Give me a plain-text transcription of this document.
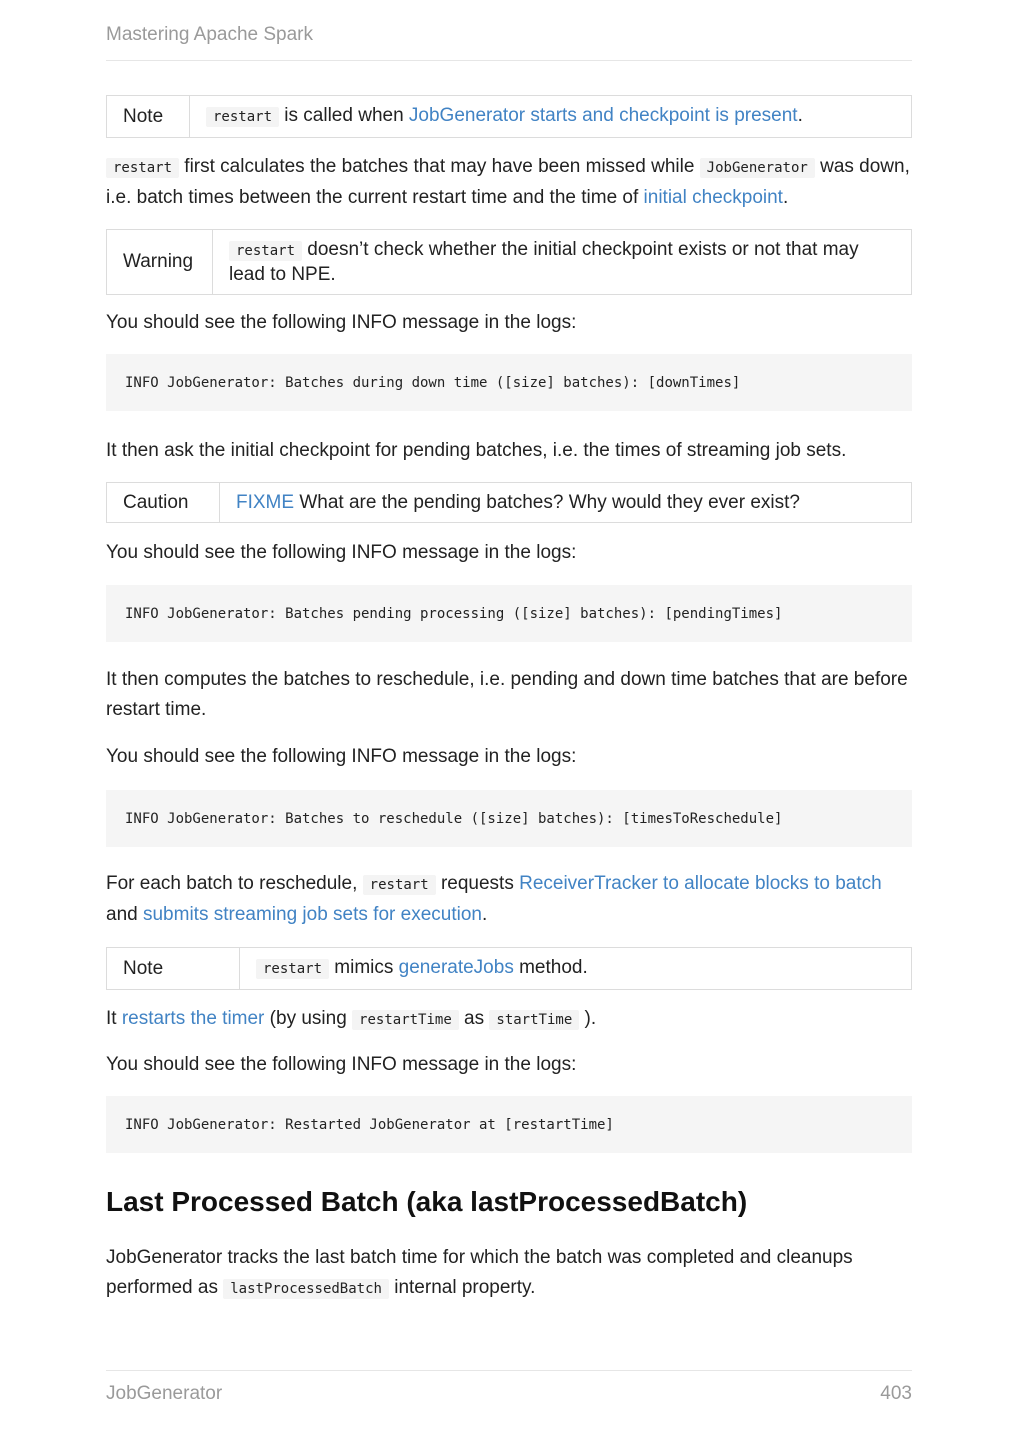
Mastering Apache Spark
Note	restart is called when JobGenerator starts and checkpoint is present.

restart first calculates the batches that may have been missed while JobGenerator was down, i.e. batch times between the current restart time and the time of initial checkpoint.

Warning	restart doesn’t check whether the initial checkpoint exists or not that may lead to NPE.

You should see the following INFO message in the logs:

INFO JobGenerator: Batches during down time ([size] batches): [downTimes]

It then ask the initial checkpoint for pending batches, i.e. the times of streaming job sets.

Caution	FIXME What are the pending batches? Why would they ever exist?

You should see the following INFO message in the logs:

INFO JobGenerator: Batches pending processing ([size] batches): [pendingTimes]

It then computes the batches to reschedule, i.e. pending and down time batches that are before restart time.

You should see the following INFO message in the logs:

INFO JobGenerator: Batches to reschedule ([size] batches): [timesToReschedule]

For each batch to reschedule, restart requests ReceiverTracker to allocate blocks to batch and submits streaming job sets for execution.

Note	restart mimics generateJobs method.

It restarts the timer (by using restartTime as startTime ).

You should see the following INFO message in the logs:

INFO JobGenerator: Restarted JobGenerator at [restartTime]
Last Processed Batch (aka lastProcessedBatch)

JobGenerator tracks the last batch time for which the batch was completed and cleanups performed as lastProcessedBatch internal property.

JobGenerator	403
